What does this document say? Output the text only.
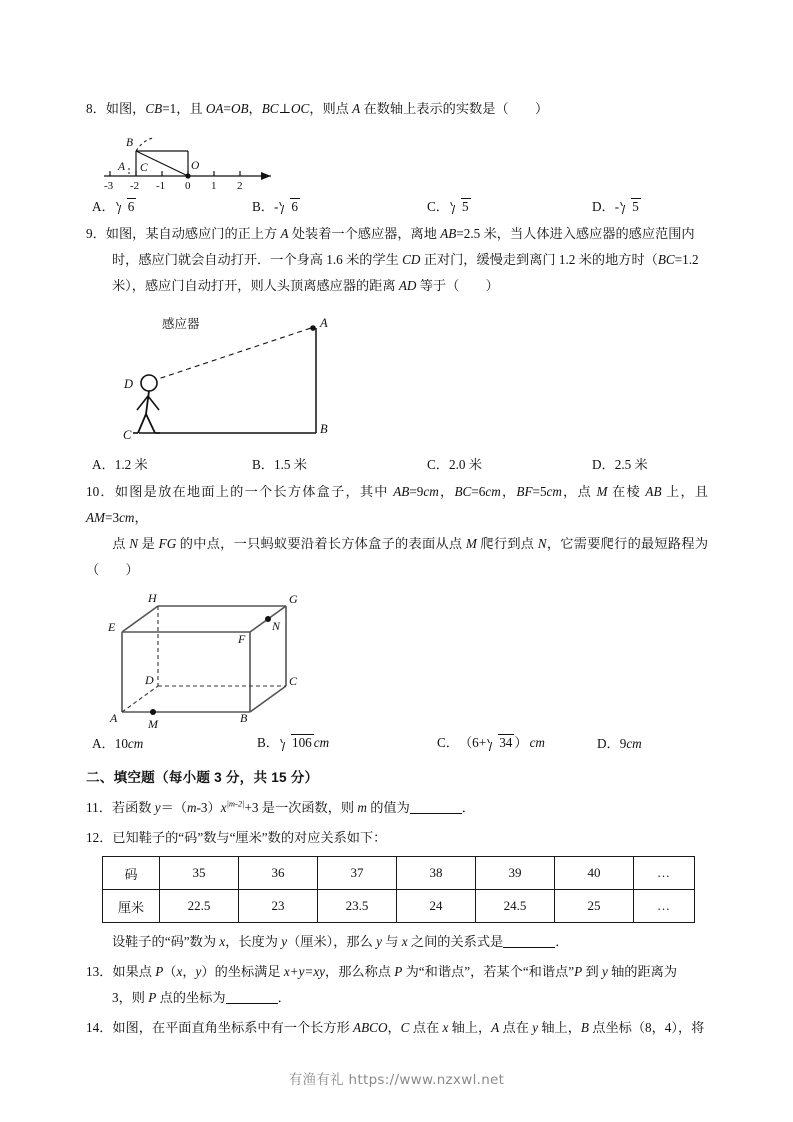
8．如图，CB=1，且 OA=OB，BC⊥OC，则点 A 在数轴上表示的实数是（　　）
B
A C	O
-3 -2 -1 0 1 2
A． 6	B． - 6	C． 5	D． - 5
9．如图，某自动感应门的正上方 A 处装着一个感应器，离地 AB=2.5 米，当人体进入感应器的感应范围内
时，感应门就会自动打开．一个身高 1.6 米的学生 CD 正对门，缓慢走到离门 1.2 米的地方时（BC=1.2
米），感应门自动打开，则人头顶离感应器的距离 AD 等于（　　）
感应器	A
B
D
C
A． 1.2 米	B． 1.5 米	C． 2.0 米	D． 2.5 米
10．如图是放在地面上的一个长方体盒子，其中 AB=9cm，BC=6cm，BF=5cm，点 M 在棱 AB 上，且 AM=3cm，
点 N 是 FG 的中点，一只蚂蚁要沿着长方体盒子的表面从点 M 爬行到点 N，它需要爬行的最短路程为（　　）
H	G
E
F
N
D	C
A	B
M
A． 10 cm	B． 106 cm	C． （6+ 34 ） cm	D． 9 cm
二、填空题（每小题 3 分，共 15 分）
11．若函数 $y=(m-3)x^{|m-2|}+3$ 是一次函数，则 m 的值为	．
12．已知鞋子的“码”数与“厘米”数的对应关系如下：
码	35	36	37	38	39	40	…
厘米	22.5	23	23.5	24	24.5	25	…
设鞋子的“码”数为 x，长度为 y（厘米），那么 y 与 x 之间的关系式是	．
13．如果点 P（x，y）的坐标满足 x+y=xy，那么称点 P 为“和谐点”，若某个“和谐点”P 到 y 轴的距离为
3，则 P 点的坐标为	．
14．如图，在平面直角坐标系中有一个长方形 ABCO，C 点在 x 轴上，A 点在 y 轴上，B 点坐标（8，4），将
有渔有礼 https://www.nzxwl.net
